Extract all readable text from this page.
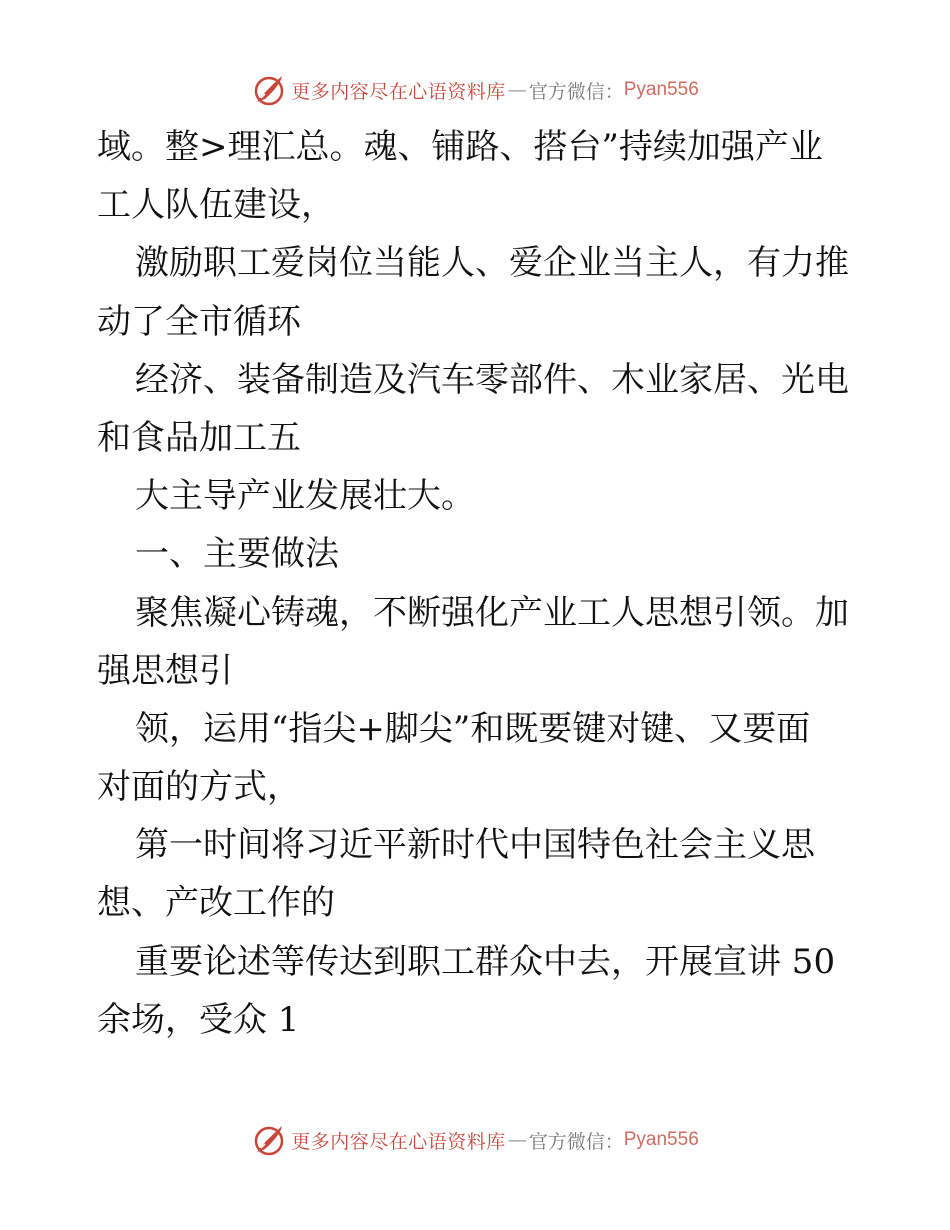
更多内容尽在心语资料库 — 官方微信： Pyan556
域。整>理汇总。魂、铺路、搭台”持续加强产业
工人队伍建设，
激励职工爱岗位当能人、爱企业当主人，有力推
动了全市循环
经济、装备制造及汽车零部件、木业家居、光电
和食品加工五
大主导产业发展壮大。
一、主要做法
聚焦凝心铸魂，不断强化产业工人思想引领。加
强思想引
领，运用“指尖+脚尖”和既要键对键、又要面
对面的方式，
第一时间将习近平新时代中国特色社会主义思
想、产改工作的
重要论述等传达到职工群众中去，开展宣讲 50
余场，受众 1
更多内容尽在心语资料库 — 官方微信： Pyan556
